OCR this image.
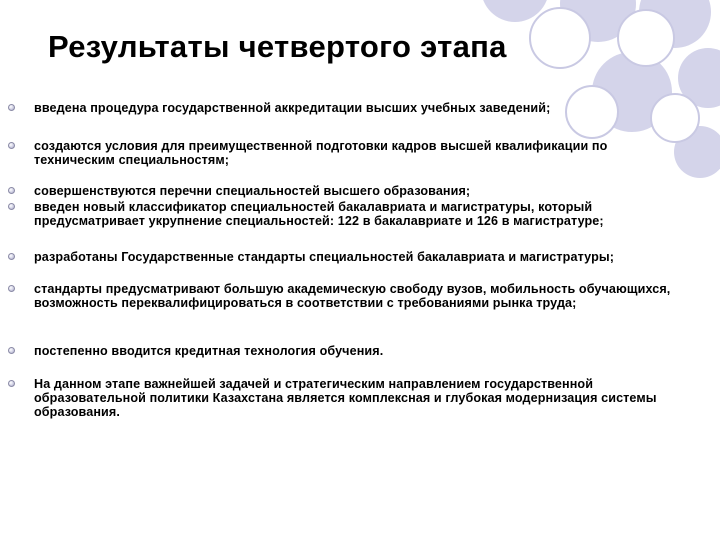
Результаты четвертого этапа
введена процедура государственной аккредитации высших учебных заведений;
создаются условия для преимущественной подготовки кадров высшей квалификации по техническим специальностям;
совершенствуются перечни специальностей высшего образования;
введен новый классификатор специальностей бакалавриата и магистратуры, который предусматривает укрупнение специальностей: 122 в бакалавриате и 126 в магистратуре;
разработаны Государственные стандарты специальностей бакалавриата и магистратуры;
стандарты предусматривают большую академическую свободу вузов, мобильность обучающихся, возможность переквалифицироваться в соответствии с требованиями рынка труда;
постепенно вводится кредитная технология обучения.
На данном этапе важнейшей задачей и стратегическим направлением государственной образовательной политики Казахстана является комплексная и глубокая модернизация системы образования.
